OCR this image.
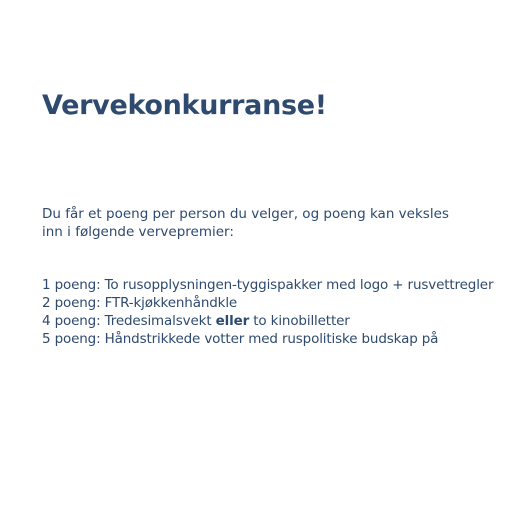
Vervekonkurranse!

Du får et poeng per person du velger, og poeng kan veksles
inn i følgende vervepremier:

1 poeng: To rusopplysningen-tyggispakker med logo + rusvettregler
2 poeng: FTR-kjøkkenhåndkle
4 poeng: Tredesimalsvekt eller to kinobilletter
5 poeng: Håndstrikkede votter med ruspolitiske budskap på
